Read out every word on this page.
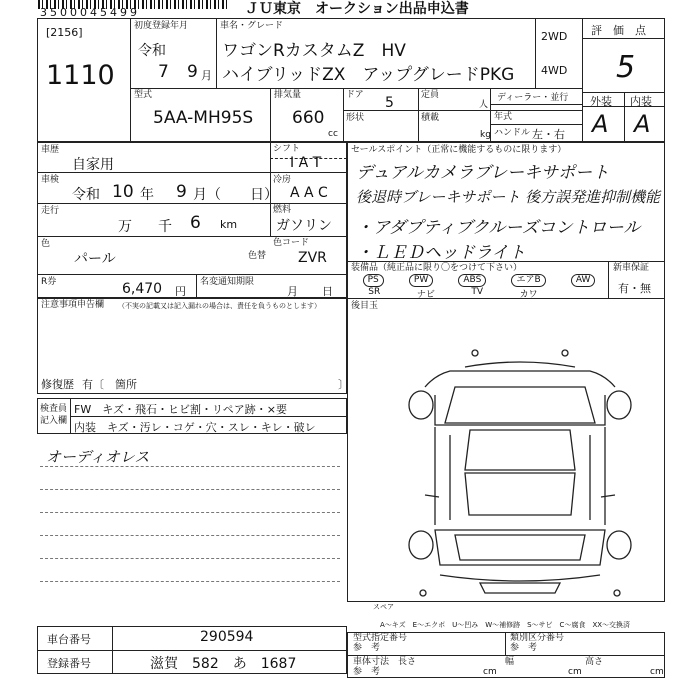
3500045499	ＪＵ東京　オークション出品申込書
[2156]
1110
初度登録年月
令和
7 9 月
車名・グレード
ワゴンRカスタムZ　HV
ハイブリッドZX　アップグレードPKG
2WD
4WD
評　価　点
5
外装 内装
A A
型式
5AA-MH95S
排気量
660
cc
ドア 5
形状
定員
人
積載
kg
ディーラー・並行
年式
ハンドル 左・右
車歴
自家用
車検
令和 10 年 9 月（ 日）
走行
万 千 6 km
色
パール
R券	6,470 円
名変通知期限
月 日
シフト
I A T
冷房
A A C
燃料
ガソリン
色替
色コード
ZVR
セールスポイント（正常に機能するものに限ります）
デュアルカメラブレーキサポート
後退時ブレーキサポート 後方誤発進抑制機能
・アダプティブクルーズコントロール
・ＬＥＤヘッドライト
装備品（純正品に限り〇をつけて下さい）
PS	PW	ABS	エアB	AW
SR	ナビ	TV	カワ
新車保証
有・無
後目玉
注意事項申告欄 （不実の記載又は記入漏れの場合は、責任を負うものとします）
修復歴 有〔　箇所	〕
検査員
記入欄
FW　キズ・飛石・ヒビ割・リペア跡・×要
内装　キズ・汚レ・コゲ・穴・スレ・キレ・破レ
オーディオレス
スペア
A～キズ　E～エクボ　U～凹み　W～補修跡　S～サビ　C～腐食　XX～交換済
車台番号	290594
登録番号	滋賀　582　あ　1687
型式指定番号
参　考
類別区分番号
参　考
車体寸法
参　考
長さ
cm
幅
cm
高さ
cm
